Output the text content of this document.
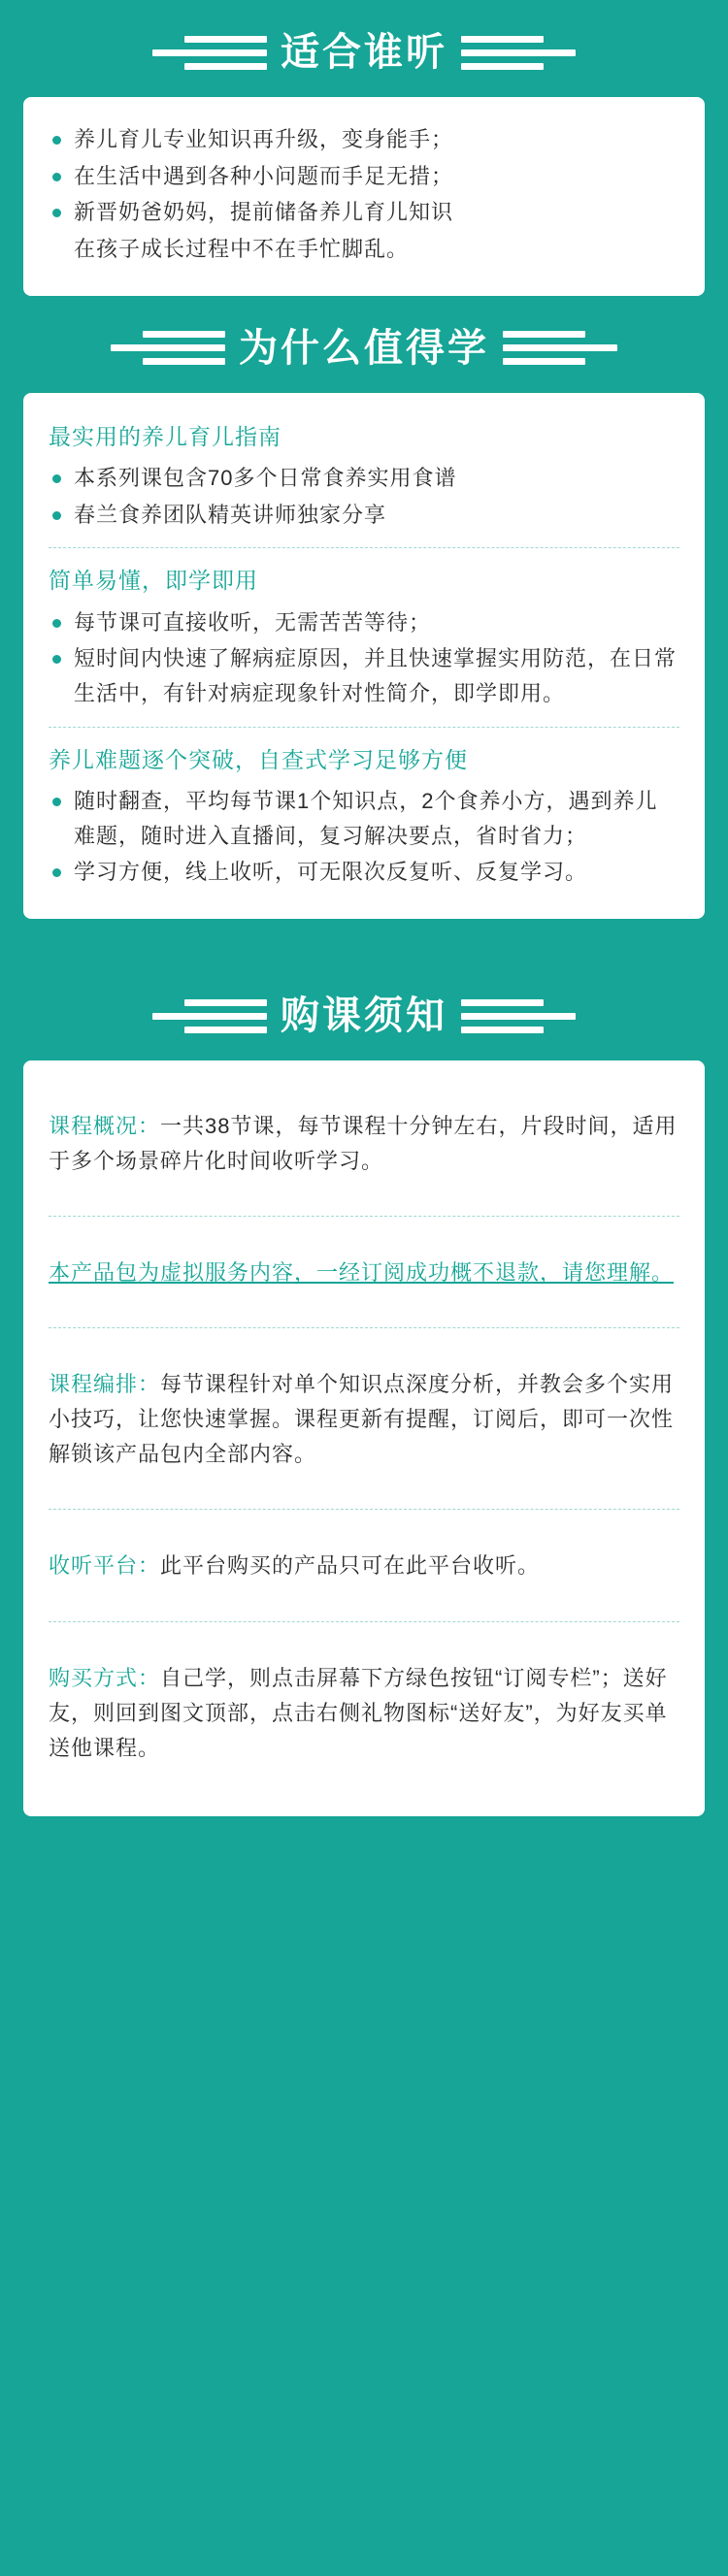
适合谁听
养儿育儿专业知识再升级，变身能手；
在生活中遇到各种小问题而手足无措；
新晋奶爸奶妈，提前储备养儿育儿知识
在孩子成长过程中不在手忙脚乱。
为什么值得学
最实用的养儿育儿指南
本系列课包含70多个日常食养实用食谱
春兰食养团队精英讲师独家分享
简单易懂，即学即用
每节课可直接收听，无需苦苦等待；
短时间内快速了解病症原因，并且快速掌握实用防范，在日常生活中，有针对病症现象针对性简介，即学即用。
养儿难题逐个突破，自查式学习足够方便
随时翻查，平均每节课1个知识点，2个食养小方，遇到养儿难题，随时进入直播间，复习解决要点，省时省力；
学习方便，线上收听，可无限次反复听、反复学习。
购课须知

课程概况：一共38节课，每节课程十分钟左右，片段时间，适用于多个场景碎片化时间收听学习。

本产品包为虚拟服务内容，一经订阅成功概不退款，请您理解。

课程编排：每节课程针对单个知识点深度分析，并教会多个实用小技巧，让您快速掌握。课程更新有提醒，订阅后，即可一次性解锁该产品包内全部内容。

收听平台：此平台购买的产品只可在此平台收听。

购买方式：自己学，则点击屏幕下方绿色按钮“订阅专栏”；送好友，则回到图文顶部，点击右侧礼物图标“送好友”，为好友买单送他课程。
